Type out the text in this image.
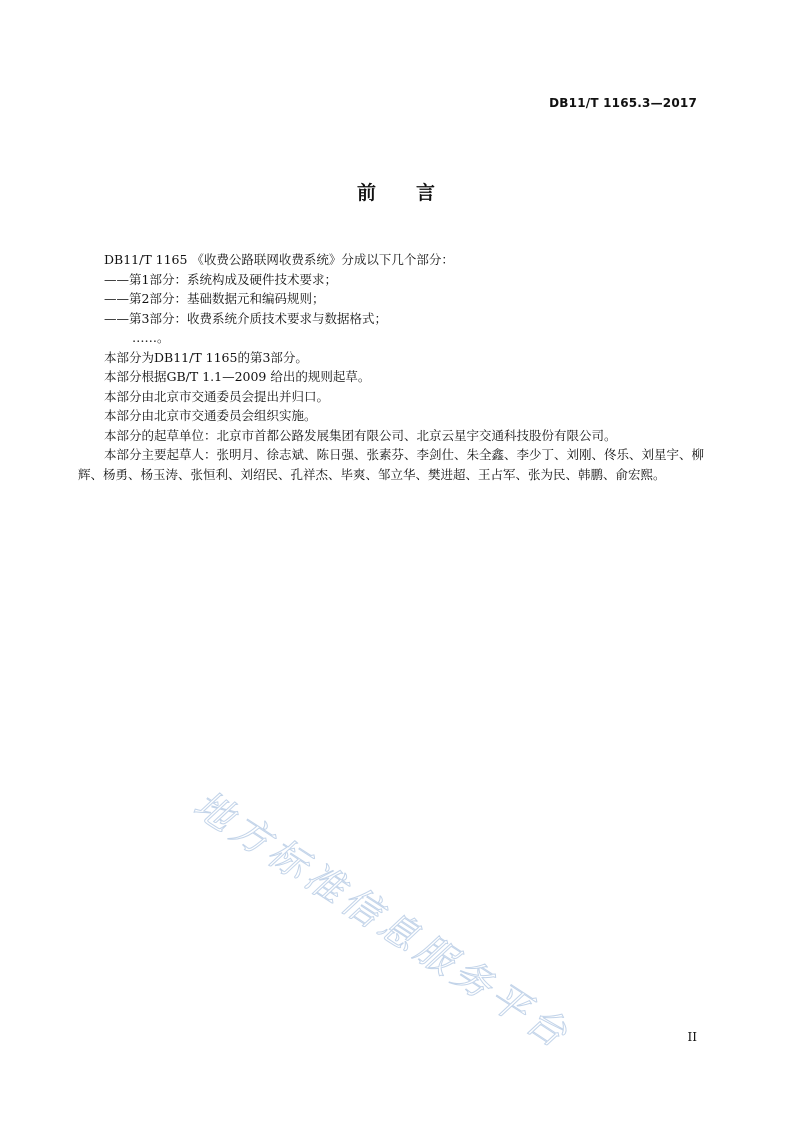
DB11/T 1165.3—2017
前言

DB11/T 1165 《收费公路联网收费系统》分成以下几个部分：

——第1部分：系统构成及硬件技术要求；

——第2部分：基础数据元和编码规则；

——第3部分：收费系统介质技术要求与数据格式；

……。

本部分为DB11/T 1165的第3部分。

本部分根据GB/T 1.1—2009 给出的规则起草。

本部分由北京市交通委员会提出并归口。

本部分由北京市交通委员会组织实施。

本部分的起草单位：北京市首都公路发展集团有限公司、北京云星宇交通科技股份有限公司。

本部分主要起草人：张明月、徐志斌、陈日强、张素芬、李剑仕、朱全鑫、李少丁、刘刚、佟乐、刘星宇、柳辉、杨勇、杨玉涛、张恒利、刘绍民、孔祥杰、毕爽、邹立华、樊进超、王占军、张为民、韩鹏、俞宏熙。

地方标准信息服务平台	II
